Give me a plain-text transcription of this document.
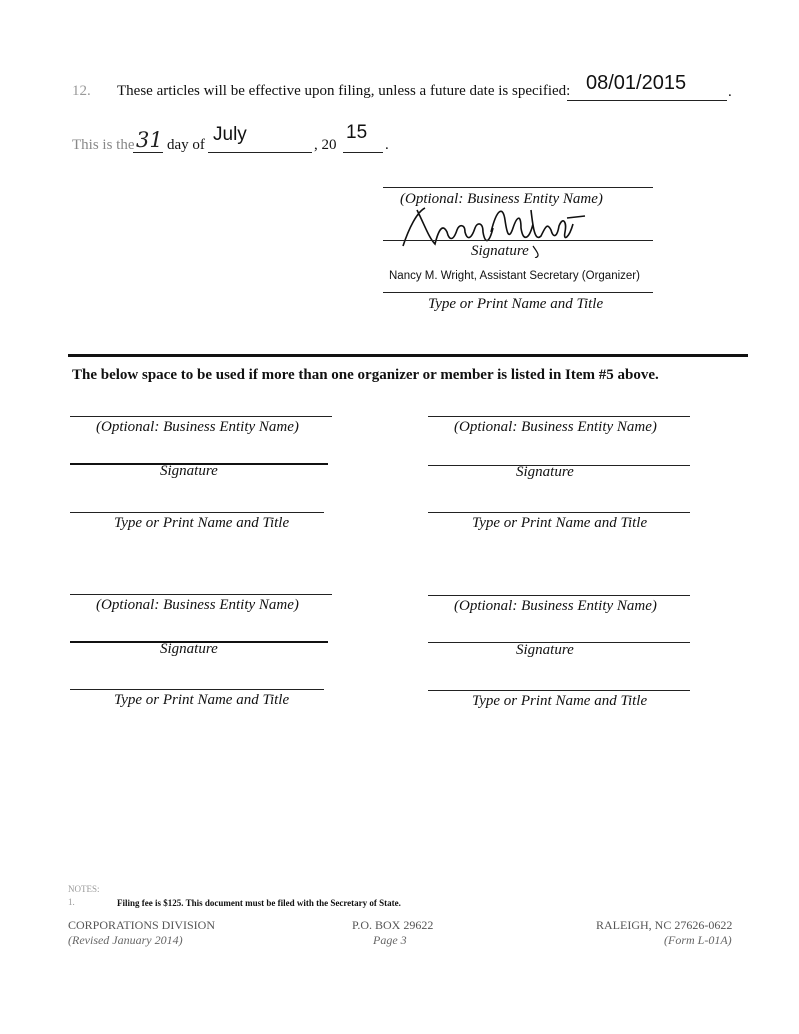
12. These articles will be effective upon filing, unless a future date is specified: 08/01/2015	.
This is the 31 day of July	, 20
15
.
(Optional: Business Entity Name)
Signature
Nancy M. Wright, Assistant Secretary (Organizer)
Type or Print Name and Title
The below space to be used if more than one organizer or member is listed in Item #5 above.
(Optional: Business Entity Name)
Signature
Type or Print Name and Title
(Optional: Business Entity Name)
Signature
Type or Print Name and Title
(Optional: Business Entity Name)
Signature
Type or Print Name and Title
(Optional: Business Entity Name)
Signature
Type or Print Name and Title
NOTES:
1.	Filing fee is $125. This document must be filed with the Secretary of State.
CORPORATIONS DIVISION
(Revised January 2014)
P.O. BOX 29622
Page 3
RALEIGH, NC 27626-0622
(Form L-01A)
